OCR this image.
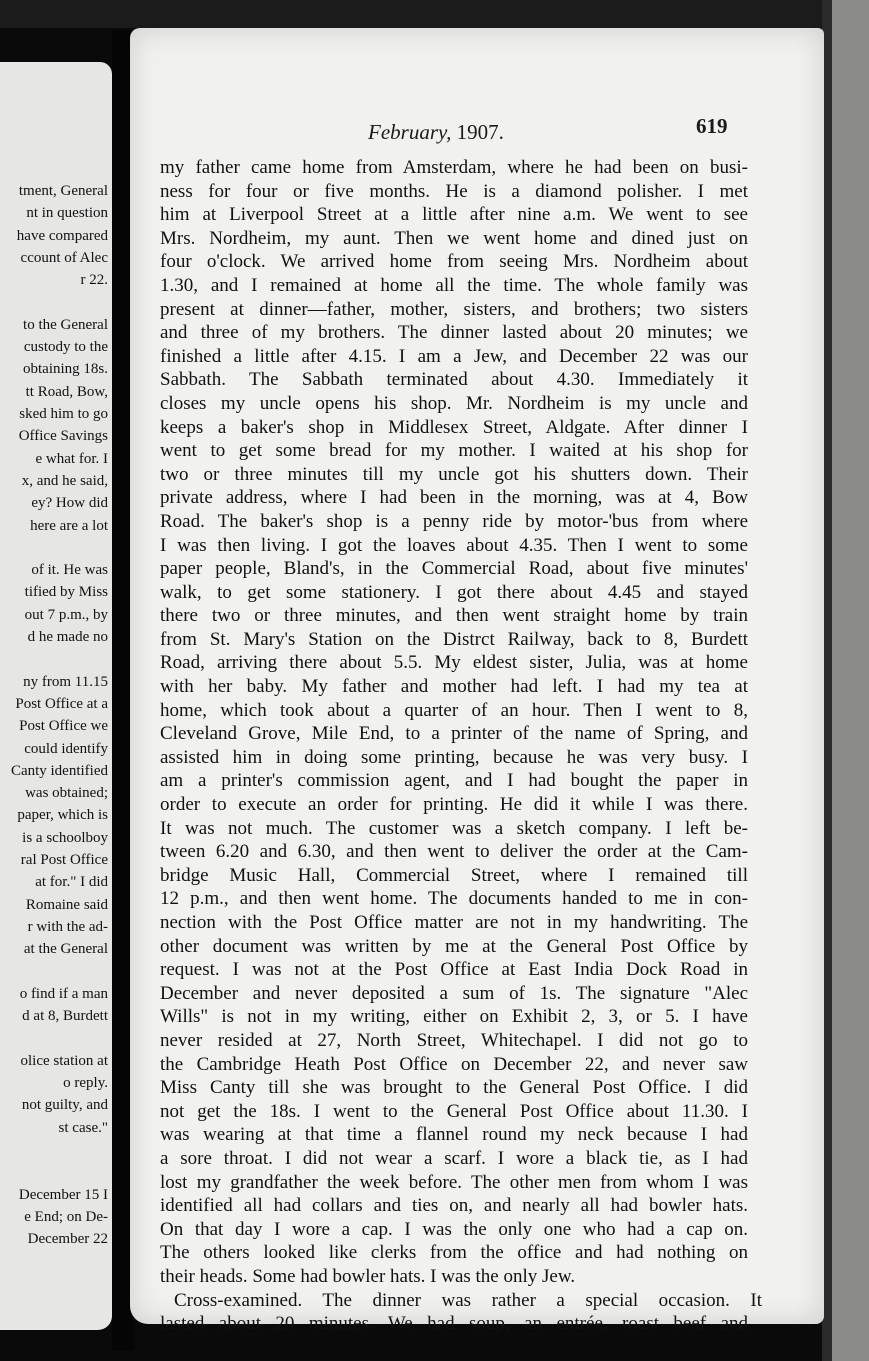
tment, General
nt in question
have compared
ccount of Alec
r 22.
to the General
custody to the
obtaining 18s.
tt Road, Bow,
sked him to go
Office Savings
e what for. I
x, and he said,
ey? How did
here are a lot
of it. He was
tified by Miss
out 7 p.m., by
d he made no
ny from 11.15
Post Office at a
Post Office we
could identify
Canty identified
was obtained;
paper, which is
is a schoolboy
ral Post Office
at for." I did
Romaine said
r with the ad-
at the General
o find if a man
d at 8, Burdett
olice station at
o reply.
not guilty, and
st case."
December 15 I
e End; on De-
December 22
February, 1907.	619
my father came home from Amsterdam, where he had been on busi-
ness for four or five months. He is a diamond polisher. I met
him at Liverpool Street at a little after nine a.m. We went to see
Mrs. Nordheim, my aunt. Then we went home and dined just on
four o'clock. We arrived home from seeing Mrs. Nordheim about
1.30, and I remained at home all the time. The whole family was
present at dinner—father, mother, sisters, and brothers; two sisters
and three of my brothers. The dinner lasted about 20 minutes; we
finished a little after 4.15. I am a Jew, and December 22 was our
Sabbath. The Sabbath terminated about 4.30. Immediately it
closes my uncle opens his shop. Mr. Nordheim is my uncle and
keeps a baker's shop in Middlesex Street, Aldgate. After dinner I
went to get some bread for my mother. I waited at his shop for
two or three minutes till my uncle got his shutters down. Their
private address, where I had been in the morning, was at 4, Bow
Road. The baker's shop is a penny ride by motor-'bus from where
I was then living. I got the loaves about 4.35. Then I went to some
paper people, Bland's, in the Commercial Road, about five minutes'
walk, to get some stationery. I got there about 4.45 and stayed
there two or three minutes, and then went straight home by train
from St. Mary's Station on the Distrct Railway, back to 8, Burdett
Road, arriving there about 5.5. My eldest sister, Julia, was at home
with her baby. My father and mother had left. I had my tea at
home, which took about a quarter of an hour. Then I went to 8,
Cleveland Grove, Mile End, to a printer of the name of Spring, and
assisted him in doing some printing, because he was very busy. I
am a printer's commission agent, and I had bought the paper in
order to execute an order for printing. He did it while I was there.
It was not much. The customer was a sketch company. I left be-
tween 6.20 and 6.30, and then went to deliver the order at the Cam-
bridge Music Hall, Commercial Street, where I remained till
12 p.m., and then went home. The documents handed to me in con-
nection with the Post Office matter are not in my handwriting. The
other document was written by me at the General Post Office by
request. I was not at the Post Office at East India Dock Road in
December and never deposited a sum of 1s. The signature "Alec
Wills" is not in my writing, either on Exhibit 2, 3, or 5. I have
never resided at 27, North Street, Whitechapel. I did not go to
the Cambridge Heath Post Office on December 22, and never saw
Miss Canty till she was brought to the General Post Office. I did
not get the 18s. I went to the General Post Office about 11.30. I
was wearing at that time a flannel round my neck because I had
a sore throat. I did not wear a scarf. I wore a black tie, as I had
lost my grandfather the week before. The other men from whom I was
identified all had collars and ties on, and nearly all had bowler hats.
On that day I wore a cap. I was the only one who had a cap on.
The others looked like clerks from the office and had nothing on
their heads. Some had bowler hats. I was the only Jew.
Cross-examined. The dinner was rather a special occasion. It
lasted about 20 minutes. We had soup, an entrée, roast beef and
